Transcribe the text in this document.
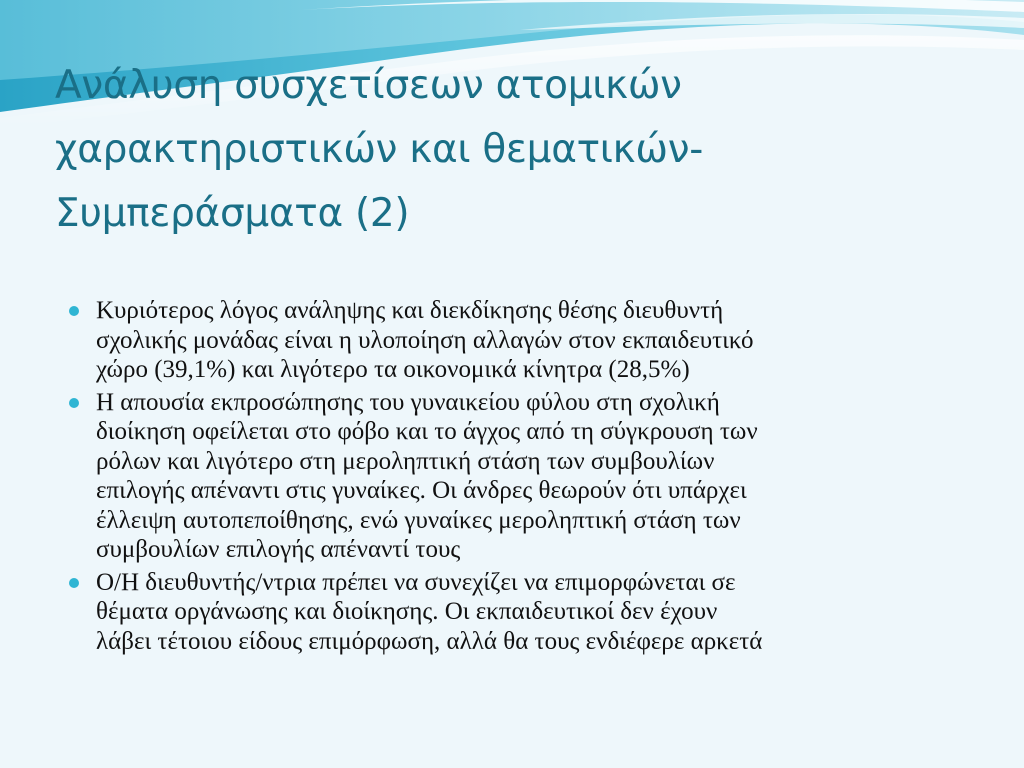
Ανάλυση συσχετίσεων ατομικών
χαρακτηριστικών και θεματικών-
Συμπεράσματα (2)
Κυριότερος λόγος ανάληψης και διεκδίκησης θέσης διευθυντή
σχολικής μονάδας είναι η υλοποίηση αλλαγών στον εκπαιδευτικό
χώρο (39,1%) και λιγότερο τα οικονομικά κίνητρα (28,5%)
Η απουσία εκπροσώπησης του γυναικείου φύλου στη σχολική
διοίκηση οφείλεται στο φόβο και το άγχος από τη σύγκρουση των
ρόλων και λιγότερο στη μεροληπτική στάση των συμβουλίων
επιλογής απέναντι στις γυναίκες. Οι άνδρες θεωρούν ότι υπάρχει
έλλειψη αυτοπεποίθησης, ενώ γυναίκες μεροληπτική στάση των
συμβουλίων επιλογής απέναντί τους
Ο/Η διευθυντής/ντρια πρέπει να συνεχίζει να επιμορφώνεται σε
θέματα οργάνωσης και διοίκησης. Οι εκπαιδευτικοί δεν έχουν
λάβει τέτοιου είδους επιμόρφωση, αλλά θα τους ενδιέφερε αρκετά
